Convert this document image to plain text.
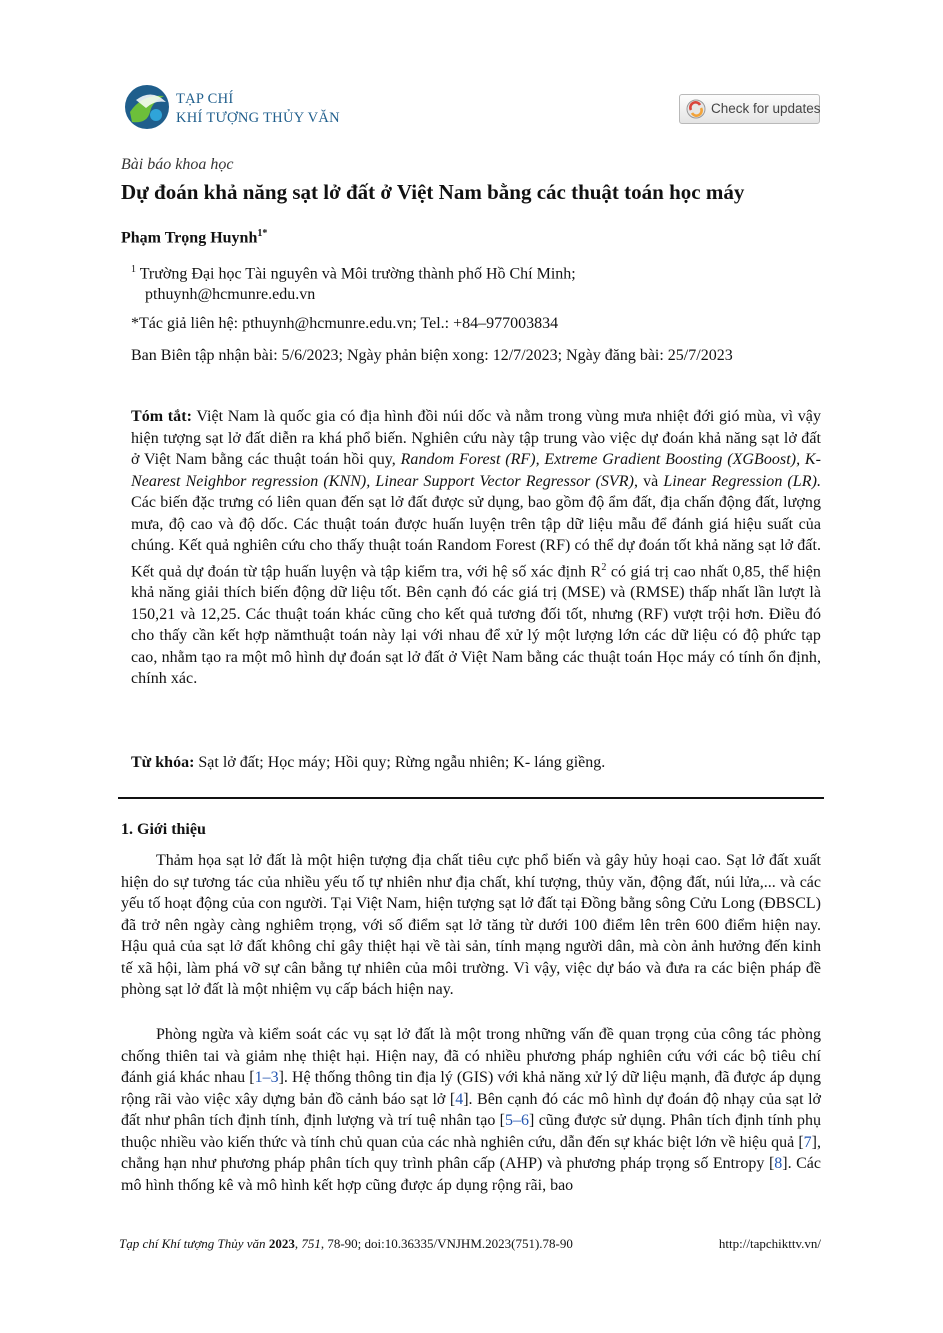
TẠP CHÍ
KHÍ TƯỢNG THỦY VĂN
Check for updates
Bài báo khoa học
Dự đoán khả năng sạt lở đất ở Việt Nam bằng các thuật toán học máy
Phạm Trọng Huynh$^{1*}$
$^1$ Trường Đại học Tài nguyên và Môi trường thành phố Hồ Chí Minh;
pthuynh@hcmunre.edu.vn
*Tác giả liên hệ: pthuynh@hcmunre.edu.vn; Tel.: +84–977003834
Ban Biên tập nhận bài: 5/6/2023; Ngày phản biện xong: 12/7/2023; Ngày đăng bài: 25/7/2023
Tóm tắt: Việt Nam là quốc gia có địa hình đồi núi dốc và nằm trong vùng mưa nhiệt đới gió mùa, vì vậy hiện tượng sạt lở đất diễn ra khá phổ biến. Nghiên cứu này tập trung vào việc dự đoán khả năng sạt lở đất ở Việt Nam bằng các thuật toán hồi quy, Random Forest (RF), Extreme Gradient Boosting (XGBoost), K-Nearest Neighbor regression (KNN), Linear Support Vector Regressor (SVR), và Linear Regression (LR). Các biến đặc trưng có liên quan đến sạt lở đất được sử dụng, bao gồm độ ẩm đất, địa chấn động đất, lượng mưa, độ cao và độ dốc. Các thuật toán được huấn luyện trên tập dữ liệu mẫu để đánh giá hiệu suất của chúng. Kết quả nghiên cứu cho thấy thuật toán Random Forest (RF) có thể dự đoán tốt khả năng sạt lở đất. Kết quả dự đoán từ tập huấn luyện và tập kiểm tra, với hệ số xác định $R^2$ có giá trị cao nhất 0,85, thể hiện khả năng giải thích biến động dữ liệu tốt. Bên cạnh đó các giá trị (MSE) và (RMSE) thấp nhất lần lượt là 150,21 và 12,25. Các thuật toán khác cũng cho kết quả tương đối tốt, nhưng (RF) vượt trội hơn. Điều đó cho thấy cần kết hợp nămthuật toán này lại với nhau để xử lý một lượng lớn các dữ liệu có độ phức tạp cao, nhằm tạo ra một mô hình dự đoán sạt lở đất ở Việt Nam bằng các thuật toán Học máy có tính ổn định, chính xác.
Từ khóa: Sạt lở đất; Học máy; Hồi quy; Rừng ngẫu nhiên; K- láng giềng.
1. Giới thiệu

Thảm họa sạt lở đất là một hiện tượng địa chất tiêu cực phổ biến và gây hủy hoại cao. Sạt lở đất xuất hiện do sự tương tác của nhiều yếu tố tự nhiên như địa chất, khí tượng, thủy văn, động đất, núi lửa,... và các yếu tố hoạt động của con người. Tại Việt Nam, hiện tượng sạt lở đất tại Đồng bằng sông Cửu Long (ĐBSCL) đã trở nên ngày càng nghiêm trọng, với số điểm sạt lở tăng từ dưới 100 điểm lên trên 600 điểm hiện nay. Hậu quả của sạt lở đất không chỉ gây thiệt hại về tài sản, tính mạng người dân, mà còn ảnh hưởng đến kinh tế xã hội, làm phá vỡ sự cân bằng tự nhiên của môi trường. Vì vậy, việc dự báo và đưa ra các biện pháp đề phòng sạt lở đất là một nhiệm vụ cấp bách hiện nay.

Phòng ngừa và kiểm soát các vụ sạt lở đất là một trong những vấn đề quan trọng của công tác phòng chống thiên tai và giảm nhẹ thiệt hại. Hiện nay, đã có nhiều phương pháp nghiên cứu với các bộ tiêu chí đánh giá khác nhau [1–3]. Hệ thống thông tin địa lý (GIS) với khả năng xử lý dữ liệu mạnh, đã được áp dụng rộng rãi vào việc xây dựng bản đồ cảnh báo sạt lở [4]. Bên cạnh đó các mô hình dự đoán độ nhạy của sạt lở đất như phân tích định tính, định lượng và trí tuệ nhân tạo [5–6] cũng được sử dụng. Phân tích định tính phụ thuộc nhiều vào kiến thức và tính chủ quan của các nhà nghiên cứu, dẫn đến sự khác biệt lớn về hiệu quả [7], chẳng hạn như phương pháp phân tích quy trình phân cấp (AHP) và phương pháp trọng số Entropy [8]. Các mô hình thống kê và mô hình kết hợp cũng được áp dụng rộng rãi, bao

Tạp chí Khí tượng Thủy văn 2023, 751, 78-90; doi:10.36335/VNJHM.2023(751).78-90	http://tapchikttv.vn/
